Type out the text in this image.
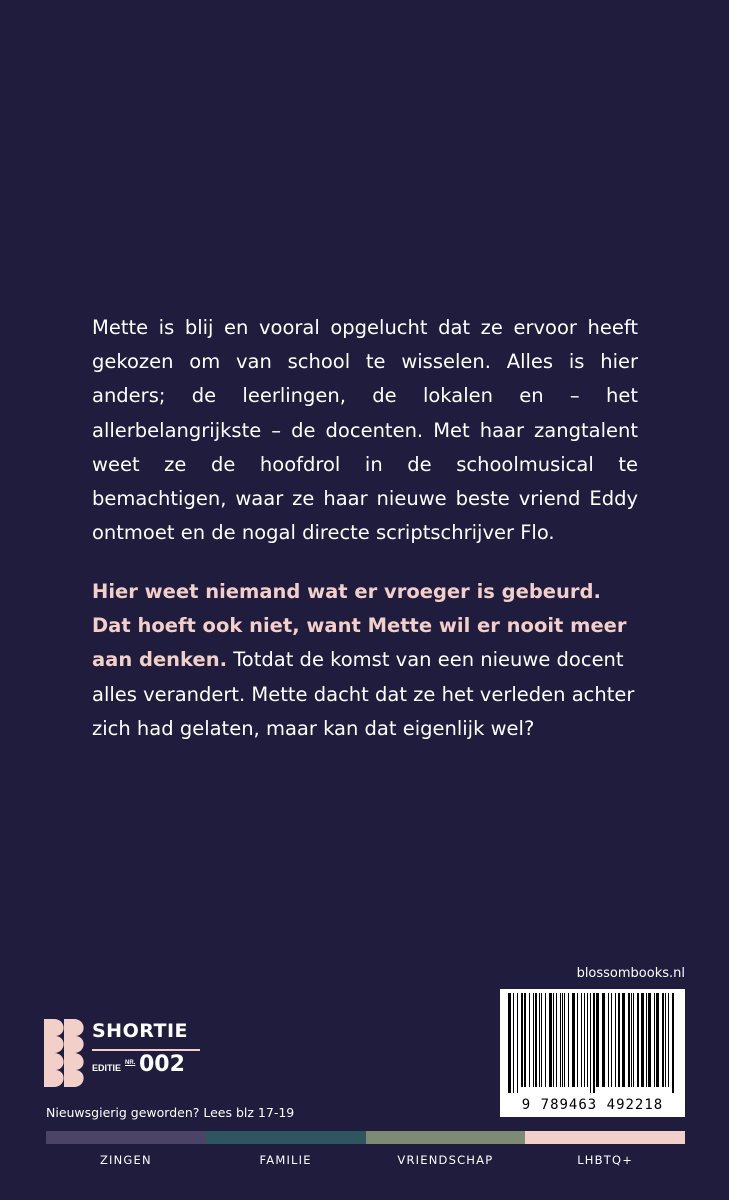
Mette is blij en vooral opgelucht dat ze ervoor heeft gekozen om van school te wisselen. Alles is hier anders; de leerlingen, de lokalen en – het allerbelangrijkste – de docenten. Met haar zangtalent weet ze de hoofdrol in de schoolmusical te bemachtigen, waar ze haar nieuwe beste vriend Eddy ontmoet en de nogal directe scriptschrijver Flo.

Hier weet niemand wat er vroeger is gebeurd. Dat hoeft ook niet, want Mette wil er nooit meer aan denken. Totdat de komst van een nieuwe docent alles verandert. Mette dacht dat ze het verleden achter zich had gelaten, maar kan dat eigenlijk wel?

blossombooks.nl
9 789463 492218
SHORTIE
EDITIE NR. 002
Nieuwsgierig geworden? Lees blz 17-19
ZINGEN	FAMILIE	VRIENDSCHAP	LHBTQ+
